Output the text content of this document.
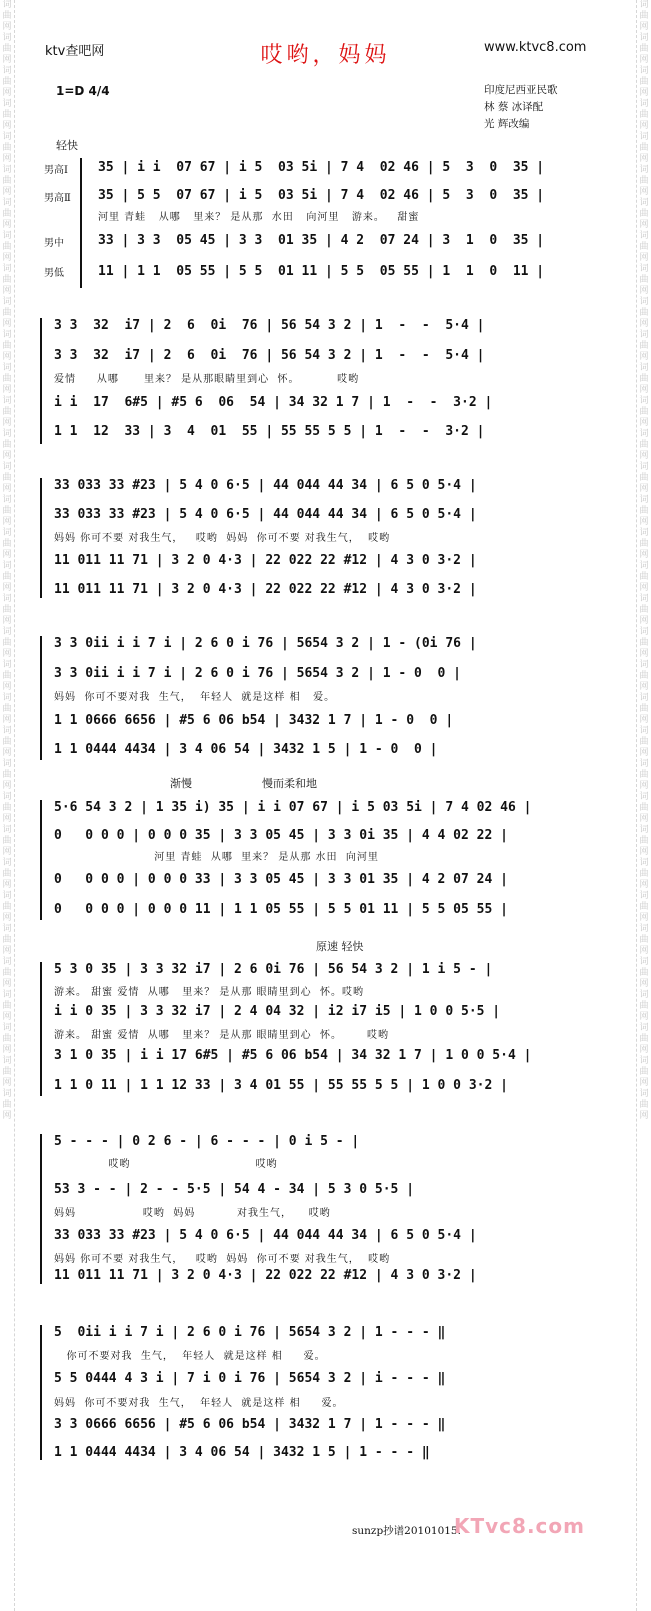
词曲网词曲网词曲网词曲网词曲网词曲网词曲网词曲网词曲网词曲网词曲网词曲网词曲网词曲网词曲网词曲网词曲网词曲网词曲网词曲网词曲网词曲网词曲网词曲网词曲网词曲网词曲网词曲网词曲网词曲网词曲网词曲网词曲网词曲网
词曲网词曲网词曲网词曲网词曲网词曲网词曲网词曲网词曲网词曲网词曲网词曲网词曲网词曲网词曲网词曲网词曲网词曲网词曲网词曲网词曲网词曲网词曲网词曲网词曲网词曲网词曲网词曲网词曲网词曲网词曲网词曲网词曲网词曲网
ktv查吧网	哎哟，妈妈	www.ktvc8.com
1=D 4/4	印度尼西亚民歌
林 蔡 冰译配
光 辉改编
轻快
渐慢	慢而柔和地
原速 轻快
男高Ⅰ
男高Ⅱ
男中
男低
35 | i i  07 67 | i 5  03 5i | 7 4  02 46 | 5  3  0  35 |
35 | 5 5  07 67 | i 5  03 5i | 7 4  02 46 | 5  3  0  35 |
河里 青蛙   从哪   里来？ 是从那  水田   向河里   游来。   甜蜜
33 | 3 3  05 45 | 3 3  01 35 | 4 2  07 24 | 3  1  0  35 |
11 | 1 1  05 55 | 5 5  01 11 | 5 5  05 55 | 1  1  0  11 |
3 3  32  i7 | 2  6  0i  76 | 56 54 3 2 | 1  -  -  5·4 |
3 3  32  i7 | 2  6  0i  76 | 56 54 3 2 | 1  -  -  5·4 |
爱情     从哪      里来？ 是从那眼睛里到心  怀。         哎哟
i i  17  6#5 | #5 6  06  54 | 34 32 1 7 | 1  -  -  3·2 |
1 1  12  33 | 3  4  01  55 | 55 55 5 5 | 1  -  -  3·2 |
33 033 33 #23 | 5 4 0 6·5 | 44 044 44 34 | 6 5 0 5·4 |
33 033 33 #23 | 5 4 0 6·5 | 44 044 44 34 | 6 5 0 5·4 |
妈妈 你可不要 对我生气，   哎哟  妈妈  你可不要 对我生气，  哎哟
11 011 11 71 | 3 2 0 4·3 | 22 022 22 #12 | 4 3 0 3·2 |
11 011 11 71 | 3 2 0 4·3 | 22 022 22 #12 | 4 3 0 3·2 |
3 3 0ii i i 7 i | 2 6 0 i 76 | 5654 3 2 | 1 - (0i 76 |
3 3 0ii i i 7 i | 2 6 0 i 76 | 5654 3 2 | 1 - 0  0 |
妈妈  你可不要对我  生气，  年轻人  就是这样 相   爱。
1 1 0666 6656 | #5 6 06 b54 | 3432 1 7 | 1 - 0  0 |
1 1 0444 4434 | 3 4 06 54 | 3432 1 5 | 1 - 0  0 |
5·6 54 3 2 | 1 35 i) 35 | i i 07 67 | i 5 03 5i | 7 4 02 46 |
0   0 0 0 | 0 0 0 35 | 3 3 05 45 | 3 3 0i 35 | 4 4 02 22 |
河里 青蛙  从哪  里来？ 是从那 水田  向河里
0   0 0 0 | 0 0 0 33 | 3 3 05 45 | 3 3 01 35 | 4 2 07 24 |
0   0 0 0 | 0 0 0 11 | 1 1 05 55 | 5 5 01 11 | 5 5 05 55 |
5 3 0 35 | 3 3 32 i7 | 2 6 0i 76 | 56 54 3 2 | 1 i 5 - |
游来。 甜蜜 爱情  从哪   里来？ 是从那 眼睛里到心  怀。哎哟
i i 0 35 | 3 3 32 i7 | 2 4 04 32 | i2 i7 i5 | 1 0 0 5·5 |
游来。 甜蜜 爱情  从哪   里来？ 是从那 眼睛里到心  怀。      哎哟
3 1 0 35 | i i 17 6#5 | #5 6 06 b54 | 34 32 1 7 | 1 0 0 5·4 |
1 1 0 11 | 1 1 12 33 | 3 4 01 55 | 55 55 5 5 | 1 0 0 3·2 |
5 - - - | 0 2 6 - | 6 - - - | 0 i 5 - |
哎哟                              哎哟
53 3 - - | 2 - - 5·5 | 54 4 - 34 | 5 3 0 5·5 |
妈妈                哎哟  妈妈          对我生气，    哎哟
33 033 33 #23 | 5 4 0 6·5 | 44 044 44 34 | 6 5 0 5·4 |
妈妈 你可不要 对我生气，   哎哟  妈妈  你可不要 对我生气，  哎哟
11 011 11 71 | 3 2 0 4·3 | 22 022 22 #12 | 4 3 0 3·2 |
5  0ii i i 7 i | 2 6 0 i 76 | 5654 3 2 | 1 - - - ‖
你可不要对我  生气，  年轻人  就是这样 相     爱。
5 5 0444 4 3 i | 7 i 0 i 76 | 5654 3 2 | i - - - ‖
妈妈  你可不要对我  生气，  年轻人  就是这样 相     爱。
3 3 0666 6656 | #5 6 06 b54 | 3432 1 7 | 1 - - - ‖
1 1 0444 4434 | 3 4 06 54 | 3432 1 5 | 1 - - - ‖
sunzp抄谱20101015.
KTvc8.com
